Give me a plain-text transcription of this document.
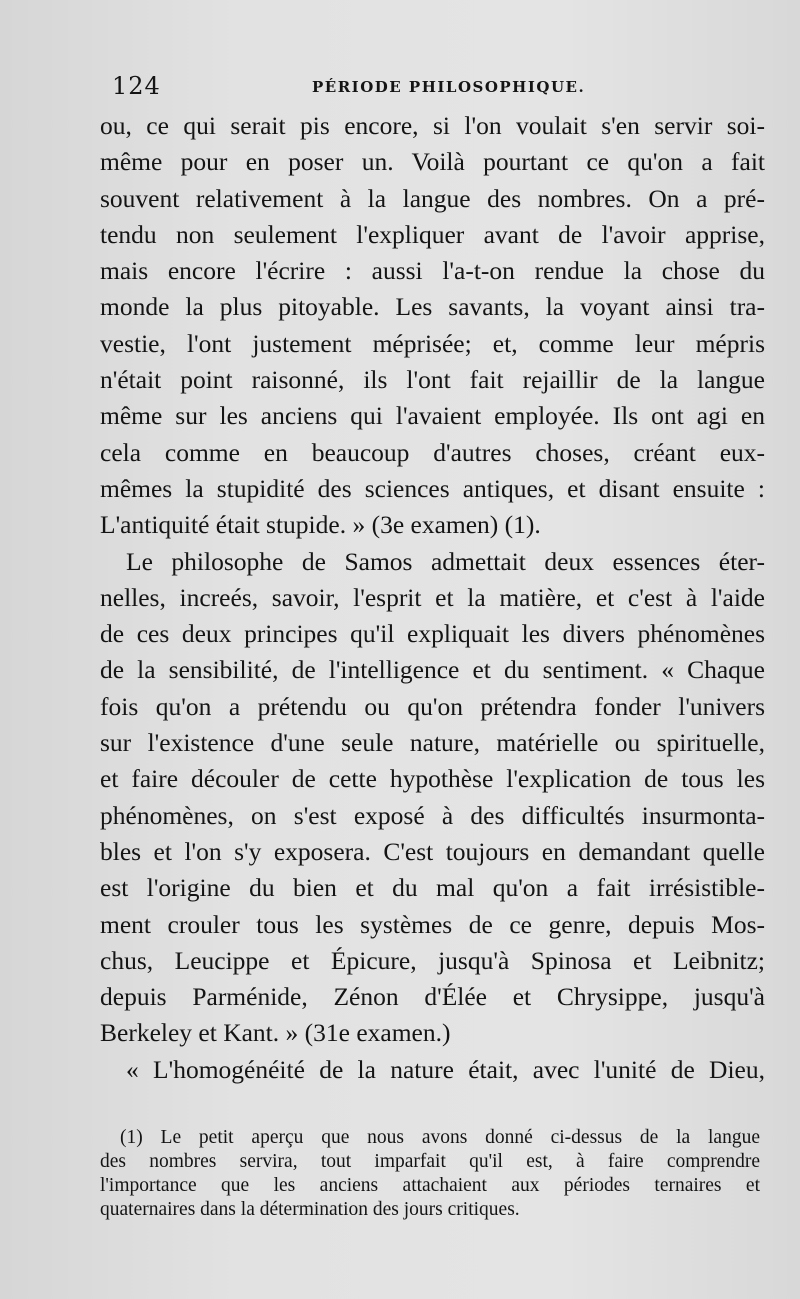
124	PÉRIODE PHILOSOPHIQUE.
ou, ce qui serait pis encore, si l'on voulait s'en servir soi-
même pour en poser un. Voilà pourtant ce qu'on a fait
souvent relativement à la langue des nombres. On a pré-
tendu non seulement l'expliquer avant de l'avoir apprise,
mais encore l'écrire : aussi l'a-t-on rendue la chose du
monde la plus pitoyable. Les savants, la voyant ainsi tra-
vestie, l'ont justement méprisée; et, comme leur mépris
n'était point raisonné, ils l'ont fait rejaillir de la langue
même sur les anciens qui l'avaient employée. Ils ont agi en
cela comme en beaucoup d'autres choses, créant eux-
mêmes la stupidité des sciences antiques, et disant ensuite :
L'antiquité était stupide. » (3e examen) (1).
Le philosophe de Samos admettait deux essences éter-
nelles, increés, savoir, l'esprit et la matière, et c'est à l'aide
de ces deux principes qu'il expliquait les divers phénomènes
de la sensibilité, de l'intelligence et du sentiment. « Chaque
fois qu'on a prétendu ou qu'on prétendra fonder l'univers
sur l'existence d'une seule nature, matérielle ou spirituelle,
et faire découler de cette hypothèse l'explication de tous les
phénomènes, on s'est exposé à des difficultés insurmonta-
bles et l'on s'y exposera. C'est toujours en demandant quelle
est l'origine du bien et du mal qu'on a fait irrésistible-
ment crouler tous les systèmes de ce genre, depuis Mos-
chus, Leucippe et Épicure, jusqu'à Spinosa et Leibnitz;
depuis Parménide, Zénon d'Élée et Chrysippe, jusqu'à
Berkeley et Kant. » (31e examen.)
« L'homogénéité de la nature était, avec l'unité de Dieu,
(1) Le petit aperçu que nous avons donné ci-dessus de la langue
des nombres servira, tout imparfait qu'il est, à faire comprendre
l'importance que les anciens attachaient aux périodes ternaires et
quaternaires dans la détermination des jours critiques.
